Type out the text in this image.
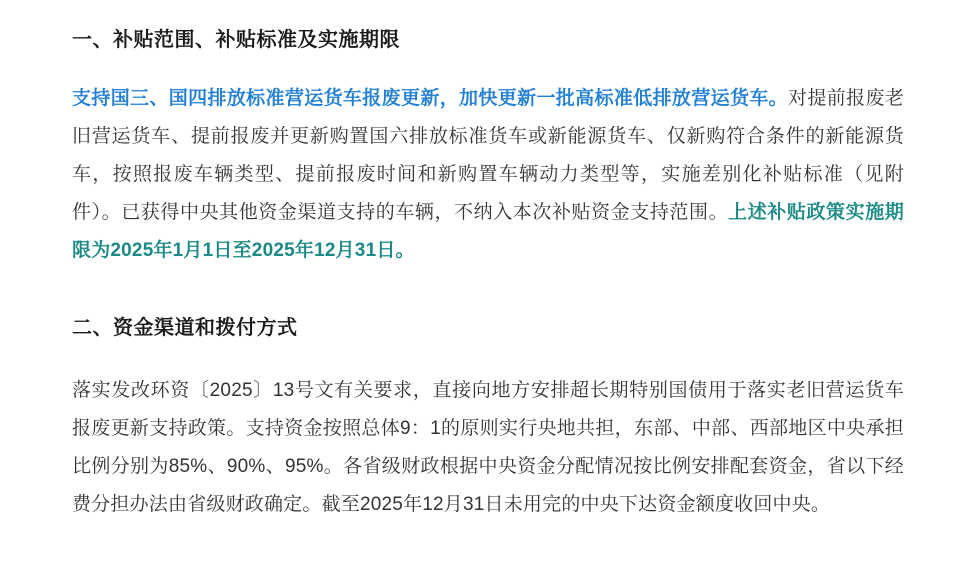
一、补贴范围、补贴标准及实施期限

支持国三、国四排放标准营运货车报废更新，加快更新一批高标准低排放营运货车。对提前报废老旧营运货车、提前报废并更新购置国六排放标准货车或新能源货车、仅新购符合条件的新能源货车，按照报废车辆类型、提前报废时间和新购置车辆动力类型等，实施差别化补贴标准（见附件）。已获得中央其他资金渠道支持的车辆，不纳入本次补贴资金支持范围。上述补贴政策实施期限为2025年1月1日至2025年12月31日。

二、资金渠道和拨付方式

落实发改环资〔2025〕13号文有关要求，直接向地方安排超长期特别国债用于落实老旧营运货车报废更新支持政策。支持资金按照总体9：1的原则实行央地共担，东部、中部、西部地区中央承担比例分别为85%、90%、95%。各省级财政根据中央资金分配情况按比例安排配套资金，省以下经费分担办法由省级财政确定。截至2025年12月31日未用完的中央下达资金额度收回中央。
